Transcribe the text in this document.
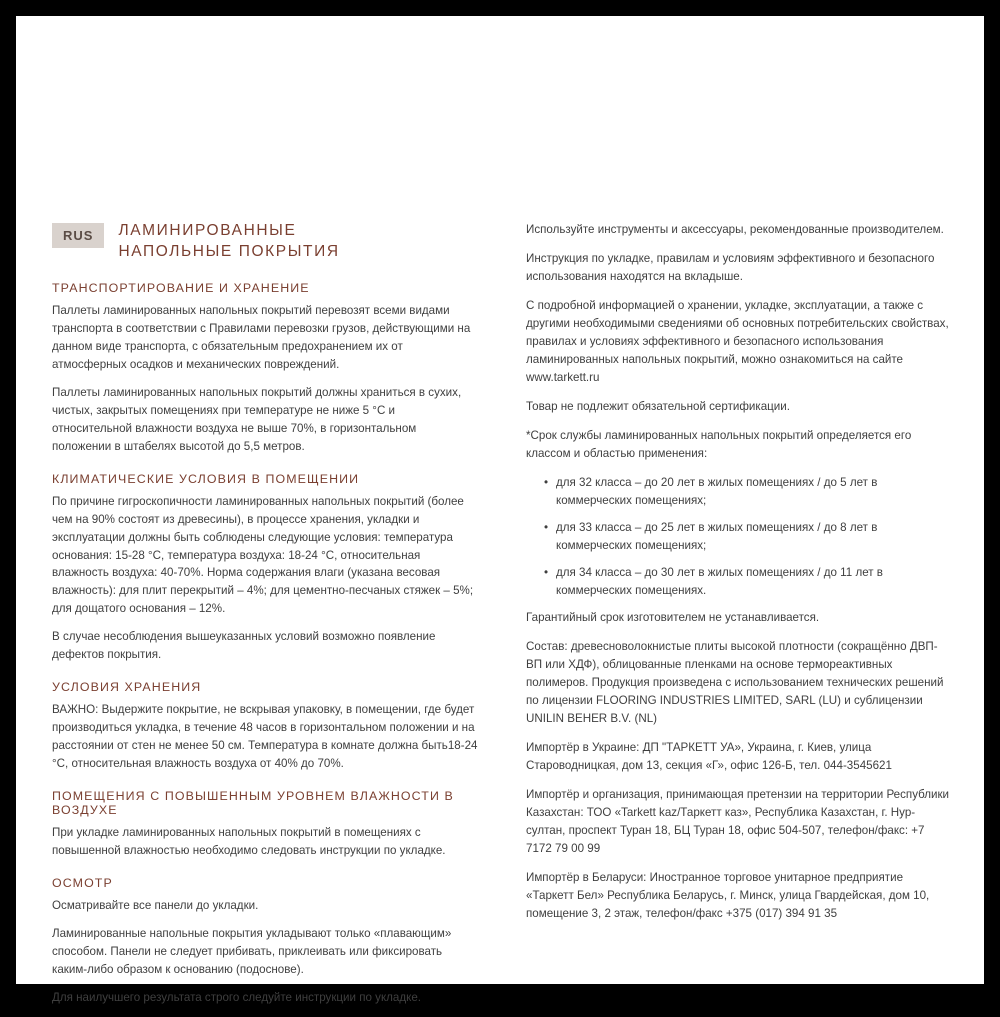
RUS	ЛАМИНИРОВАННЫЕ
НАПОЛЬНЫЕ ПОКРЫТИЯ
ТРАНСПОРТИРОВАНИЕ И ХРАНЕНИЕ

Паллеты ламинированных напольных покрытий перевозят всеми видами транспорта в соответствии с Правилами перевозки грузов, действующими на данном виде транспорта, с обязательным предохранением их от атмосферных осадков и механических повреждений.

Паллеты ламинированных напольных покрытий должны храниться в сухих, чистых, закрытых помещениях при температуре не ниже 5 °С и относительной влажности воздуха не выше 70%, в горизонтальном положении в штабелях высотой до 5,5 метров.

КЛИМАТИЧЕСКИЕ УСЛОВИЯ В ПОМЕЩЕНИИ

По причине гигроскопичности ламинированных напольных покрытий (более чем на 90% состоят из древесины), в процессе хранения, укладки и эксплуатации должны быть соблюдены следующие условия: температура основания: 15-28 °С, температура воздуха: 18-24 °С, относительная влажность воздуха: 40-70%. Норма содержания влаги (указана весовая влажность): для плит перекрытий – 4%; для цементно-песчаных стяжек – 5%; для дощатого основания – 12%.

В случае несоблюдения вышеуказанных условий возможно появление дефектов покрытия.

УСЛОВИЯ ХРАНЕНИЯ

ВАЖНО: Выдержите покрытие, не вскрывая упаковку, в помещении, где будет производиться укладка, в течение 48 часов в горизонтальном положении и на расстоянии от стен не менее 50 см. Температура в комнате должна быть18-24 °С, относительная влажность воздуха от 40% до 70%.

ПОМЕЩЕНИЯ С ПОВЫШЕННЫМ УРОВНЕМ ВЛАЖНОСТИ В ВОЗДУХЕ

При укладке ламинированных напольных покрытий в помещениях с повышенной влажностью необходимо следовать инструкции по укладке.

ОСМОТР

Осматривайте все панели до укладки.

Ламинированные напольные покрытия укладывают только «плавающим» способом. Панели не следует прибивать, приклеивать или фиксировать каким-либо образом к основанию (подоснове).

Для наилучшего результата строго следуйте инструкции по укладке.

Используйте инструменты и аксессуары, рекомендованные производителем.

Инструкция по укладке, правилам и условиям эффективного и безопасного использования находятся на вкладыше.

С подробной информацией о хранении, укладке, эксплуатации, а также с другими необходимыми сведениями об основных потребительских свойствах, правилах и условиях эффективного и безопасного использования ламинированных напольных покрытий, можно ознакомиться на сайте www.tarkett.ru

Товар не подлежит обязательной сертификации.

*Срок службы ламинированных напольных покрытий определяется его классом и областью применения:

• для 32 класса – до 20 лет в жилых помещениях / до 5 лет в коммерческих помещениях;
• для 33 класса – до 25 лет в жилых помещениях / до 8 лет в коммерческих помещениях;
• для 34 класса – до 30 лет в жилых помещениях / до 11 лет в коммерческих помещениях.

Гарантийный срок изготовителем не устанавливается.

Состав: древесноволокнистые плиты высокой плотности (сокращённо ДВП-ВП или ХДФ), облицованные пленками на основе термореактивных полимеров. Продукция произведена с использованием технических решений по лицензии FLOORING INDUSTRIES LIMITED, SARL (LU) и сублицензии UNILIN BEHER B.V. (NL)

Импортёр в Украине: ДП "ТАРКЕТТ УА», Украина, г. Киев, улица Староводницкая, дом 13, секция «Г», офис 126-Б, тел. 044-3545621

Импортёр и организация, принимающая претензии на территории Республики Казахстан: ТОО «Tarkett kaz/Таркетт каз», Республика Казахстан, г. Нур-султан, проспект Туран 18, БЦ Туран 18, офис 504-507, телефон/факс: +7 7172 79 00 99

Импортёр в Беларуси: Иностранное торговое унитарное предприятие «Таркетт Бел» Республика Беларусь, г. Минск, улица Гвардейская, дом 10, помещение 3, 2 этаж, телефон/факс +375 (017) 394 91 35
